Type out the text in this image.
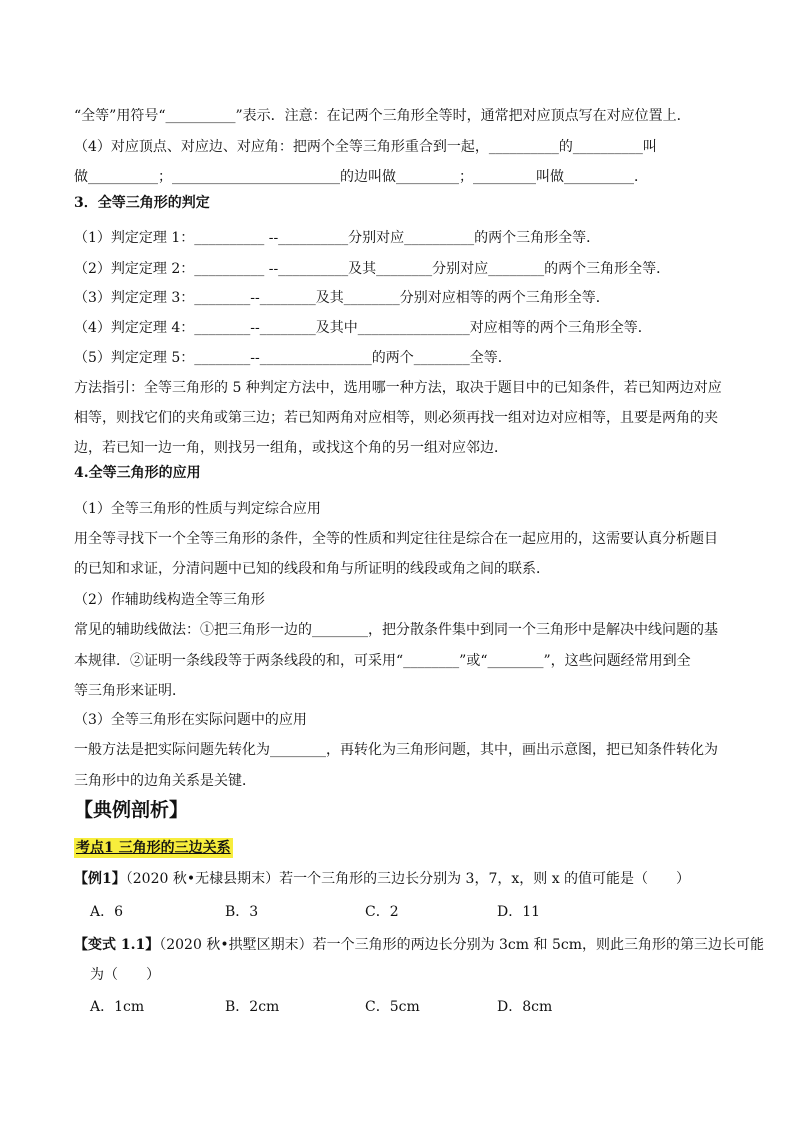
“全等”用符号“__________”表示．注意：在记两个三角形全等时，通常把对应顶点写在对应位置上．
（4）对应顶点、对应边、对应角：把两个全等三角形重合到一起，__________的__________叫
做__________；________________________的边叫做_________；_________叫做__________．
3．全等三角形的判定
（1）判定定理 1：__________ --__________分别对应__________的两个三角形全等．
（2）判定定理 2：__________ --__________及其________分别对应________的两个三角形全等．
（3）判定定理 3：________--________及其________分别对应相等的两个三角形全等．
（4）判定定理 4：________--________及其中________________对应相等的两个三角形全等．
（5）判定定理 5：________--________________的两个________全等．
方法指引：全等三角形的 5 种判定方法中，选用哪一种方法，取决于题目中的已知条件，若已知两边对应
相等，则找它们的夹角或第三边；若已知两角对应相等，则必须再找一组对边对应相等，且要是两角的夹
边，若已知一边一角，则找另一组角，或找这个角的另一组对应邻边．
4.全等三角形的应用
（1）全等三角形的性质与判定综合应用
用全等寻找下一个全等三角形的条件，全等的性质和判定往往是综合在一起应用的，这需要认真分析题目
的已知和求证，分清问题中已知的线段和角与所证明的线段或角之间的联系．
（2）作辅助线构造全等三角形
常见的辅助线做法：①把三角形一边的________，把分散条件集中到同一个三角形中是解决中线问题的基
本规律．②证明一条线段等于两条线段的和，可采用“________”或“________”，这些问题经常用到全
等三角形来证明．
（3）全等三角形在实际问题中的应用
一般方法是把实际问题先转化为________，再转化为三角形问题，其中，画出示意图，把已知条件转化为
三角形中的边角关系是关键．
【典例剖析】
考点1 三角形的三边关系
【例1】（2020 秋•无棣县期末）若一个三角形的三边长分别为 3，7，x，则 x 的值可能是（　　）
A．6	B．3	C．2	D．11
【变式 1.1】（2020 秋•拱墅区期末）若一个三角形的两边长分别为 3cm 和 5cm，则此三角形的第三边长可能
为（　　）
A．1cm	B．2cm	C．5cm	D．8cm
